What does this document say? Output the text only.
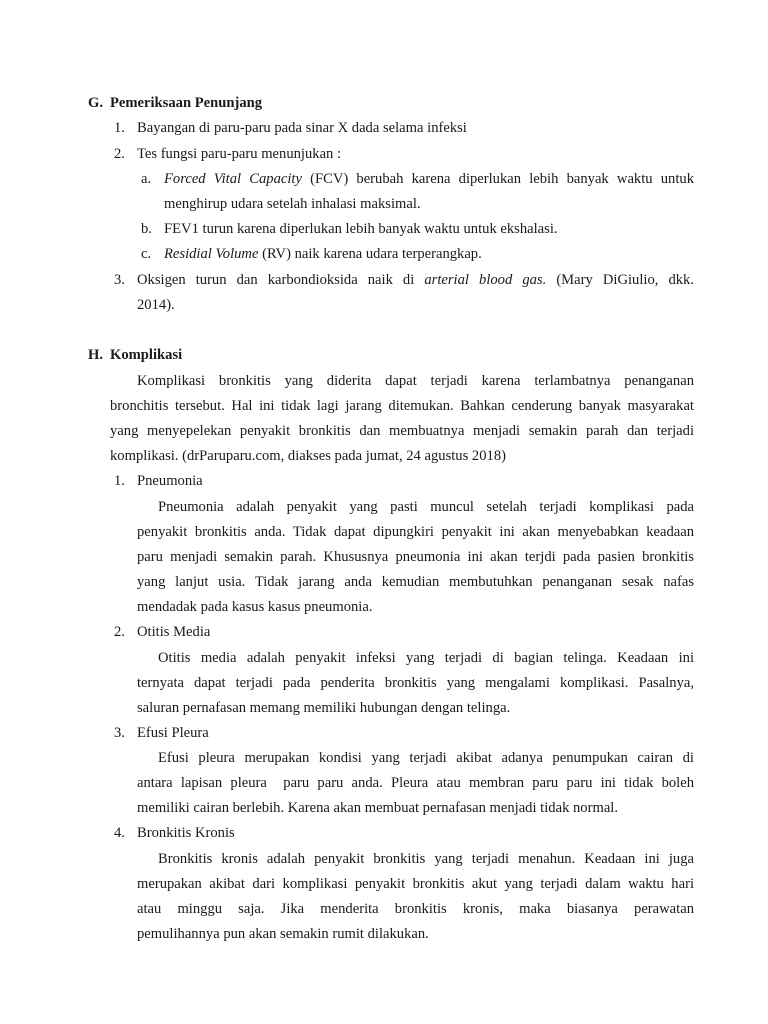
G. Pemeriksaan Penunjang
1. Bayangan di paru-paru pada sinar X dada selama infeksi
2. Tes fungsi paru-paru menunjukan :
a. Forced Vital Capacity (FCV) berubah karena diperlukan lebih banyak waktu untuk
menghirup udara setelah inhalasi maksimal.
b. FEV1 turun karena diperlukan lebih banyak waktu untuk ekshalasi.
c. Residial Volume (RV) naik karena udara terperangkap.
3. Oksigen turun dan karbondioksida naik di arterial blood gas. (Mary DiGiulio, dkk.
2014).
H. Komplikasi
Komplikasi bronkitis yang diderita dapat terjadi karena terlambatnya penanganan
bronchitis tersebut. Hal ini tidak lagi jarang ditemukan. Bahkan cenderung banyak masyarakat
yang menyepelekan penyakit bronkitis dan membuatnya menjadi semakin parah dan terjadi
komplikasi. (drParuparu.com, diakses pada jumat, 24 agustus 2018)
1. Pneumonia
Pneumonia adalah penyakit yang pasti muncul setelah terjadi komplikasi pada
penyakit bronkitis anda. Tidak dapat dipungkiri penyakit ini akan menyebabkan keadaan
paru menjadi semakin parah. Khususnya pneumonia ini akan terjdi pada pasien bronkitis
yang lanjut usia. Tidak jarang anda kemudian membutuhkan penanganan sesak nafas
mendadak pada kasus kasus pneumonia.
2. Otitis Media
Otitis media adalah penyakit infeksi yang terjadi di bagian telinga. Keadaan ini
ternyata dapat terjadi pada penderita bronkitis yang mengalami komplikasi. Pasalnya,
saluran pernafasan memang memiliki hubungan dengan telinga.
3. Efusi Pleura
Efusi pleura merupakan kondisi yang terjadi akibat adanya penumpukan cairan di
antara lapisan pleura  paru paru anda. Pleura atau membran paru paru ini tidak boleh
memiliki cairan berlebih. Karena akan membuat pernafasan menjadi tidak normal.
4. Bronkitis Kronis
Bronkitis kronis adalah penyakit bronkitis yang terjadi menahun. Keadaan ini juga
merupakan akibat dari komplikasi penyakit bronkitis akut yang terjadi dalam waktu hari
atau minggu saja. Jika menderita bronkitis kronis, maka biasanya perawatan
pemulihannya pun akan semakin rumit dilakukan.
